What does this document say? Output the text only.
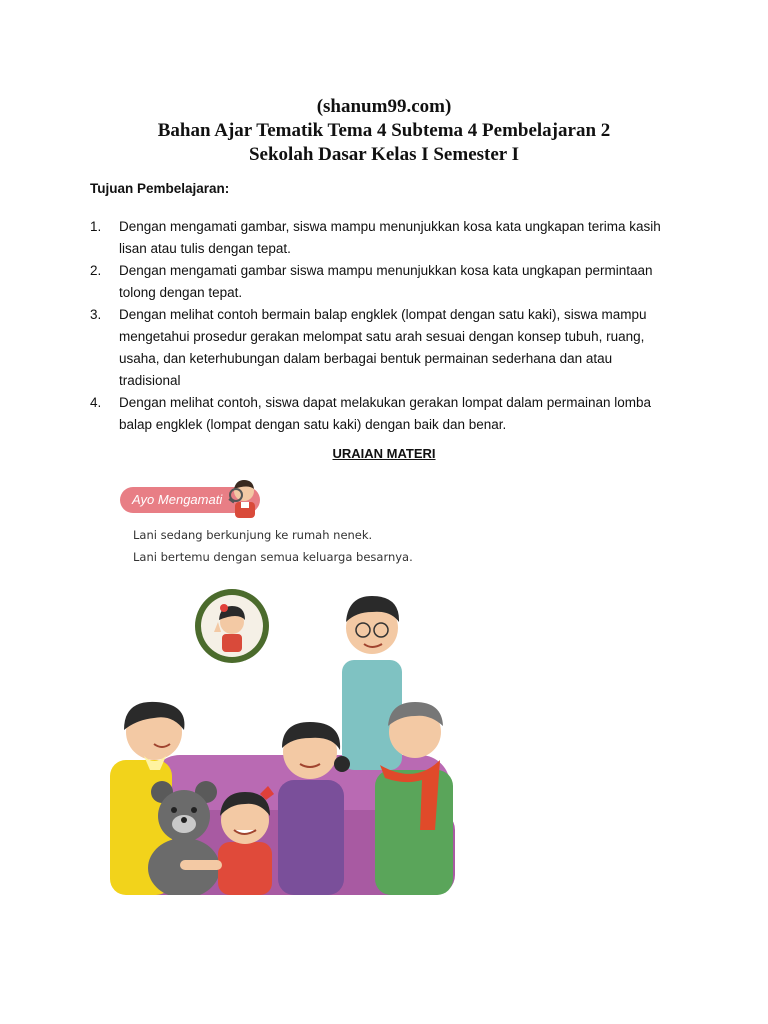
(shanum99.com)
Bahan Ajar Tematik Tema 4 Subtema 4 Pembelajaran 2
Sekolah Dasar Kelas I Semester I
Tujuan Pembelajaran:
1. Dengan mengamati gambar, siswa mampu menunjukkan kosa kata ungkapan terima kasih
lisan atau tulis dengan tepat.
2. Dengan mengamati gambar siswa mampu menunjukkan kosa kata ungkapan permintaan
tolong dengan tepat.
3. Dengan melihat contoh bermain balap engklek (lompat dengan satu kaki), siswa mampu
mengetahui prosedur gerakan melompat satu arah sesuai dengan konsep tubuh, ruang,
usaha, dan keterhubungan dalam berbagai bentuk permainan sederhana dan atau
tradisional
4. Dengan melihat contoh, siswa dapat melakukan gerakan lompat dalam permainan lomba
balap engklek (lompat dengan satu kaki) dengan baik dan benar.
URAIAN MATERI
Ayo Mengamati
Lani sedang berkunjung ke rumah nenek.
Lani bertemu dengan semua keluarga besarnya.
